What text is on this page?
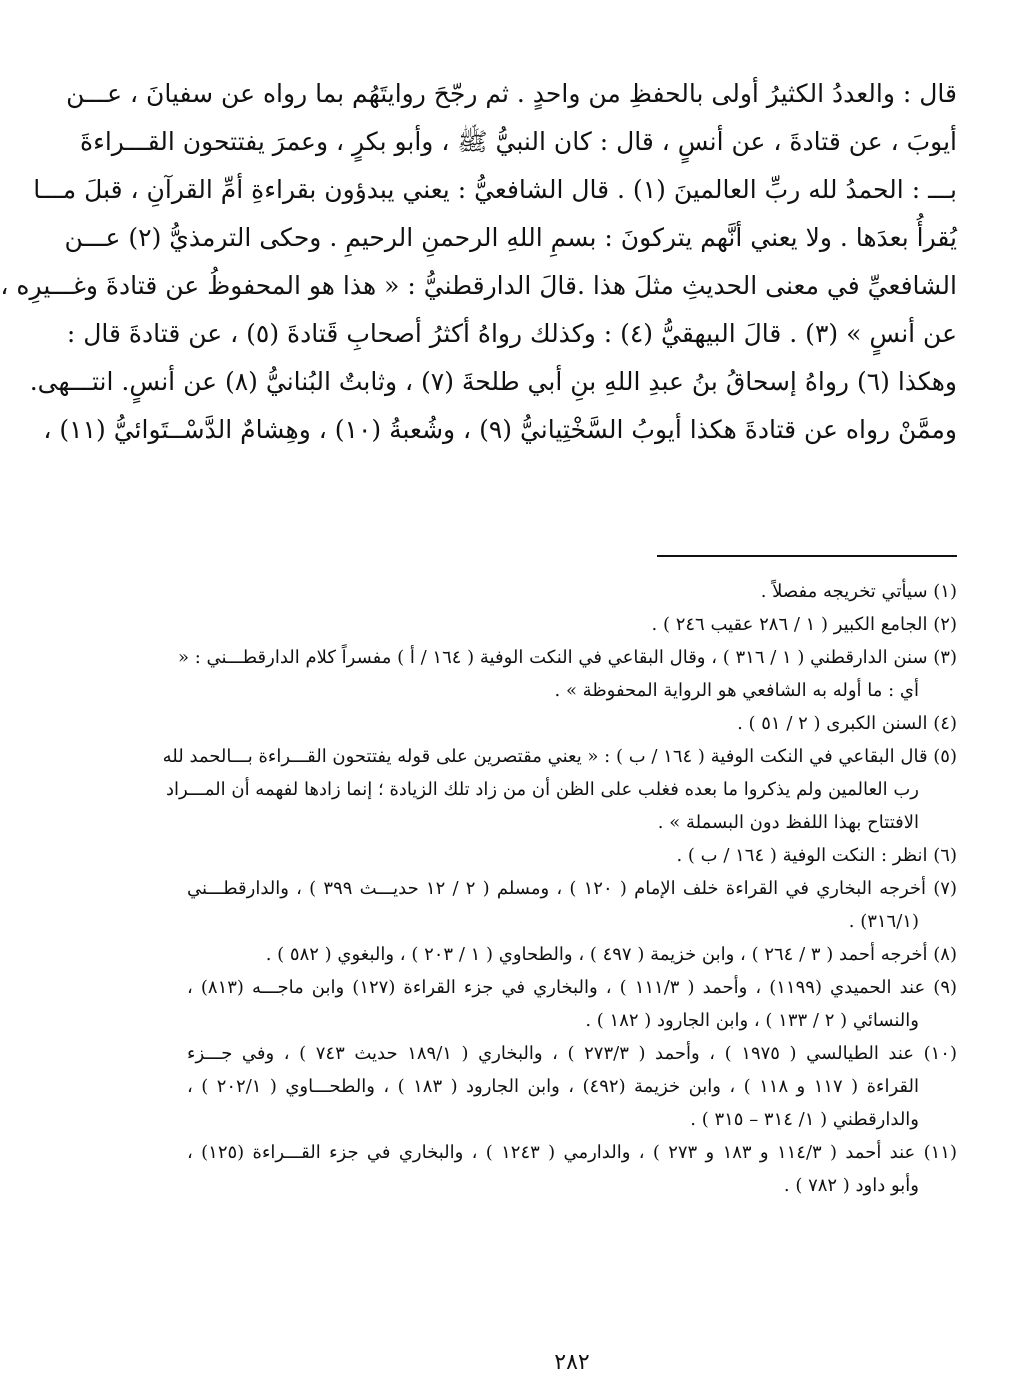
قال : والعددُ الكثيرُ أولى بالحفظِ من واحدٍ . ثم رجّحَ روايتَهُم بما رواه عن سفيانَ ، عـــن
أيوبَ ، عن قتادةَ ، عن أنسٍ ، قال : كان النبيُّ ﷺ ، وأبو بكرٍ ، وعمرَ يفتتحون القـــراءةَ
بـــ : الحمدُ لله ربِّ العالمينَ (١) . قال الشافعيُّ : يعني يبدؤون بقراءةِ أمِّ القرآنِ ، قبلَ مـــا
يُقرأُ بعدَها . ولا يعني أنَّهم يتركونَ : بسمِ اللهِ الرحمنِ الرحيمِ . وحكى الترمذيُّ (٢) عـــن
الشافعيِّ في معنى الحديثِ مثلَ هذا .قالَ الدارقطنيُّ : « هذا هو المحفوظُ عن قتادةَ وغـــيرِه ،
عن أنسٍ » (٣) . قالَ البيهقيُّ (٤) : وكذلك رواهُ أكثرُ أصحابِ قَتادةَ (٥) ، عن قتادةَ قال :
وهكذا (٦) رواهُ إسحاقُ بنُ عبدِ اللهِ بنِ أبي طلحةَ (٧) ، وثابتٌ البُنانيُّ (٨) عن أنسٍ. انتـــهى.
وممَّنْ رواه عن قتادةَ هكذا أيوبُ السَّخْتِيانيُّ (٩) ، وشُعبةُ (١٠) ، وهِشامٌ الدَّسْــتَوائيُّ (١١) ،

(١) سيأتي تخريجه مفصلاً .

(٢) الجامع الكبير ( ١ / ٢٨٦ عقيب ٢٤٦ ) .

(٣) سنن الدارقطني ( ١ / ٣١٦ ) ، وقال البقاعي في النكت الوفية ( ١٦٤ / أ ) مفسراً كلام الدارقطـــني : «
أي : ما أوله به الشافعي هو الرواية المحفوظة » .

(٤) السنن الكبرى ( ٢ / ٥١ ) .

(٥) قال البقاعي في النكت الوفية ( ١٦٤ / ب ) : « يعني مقتصرين على قوله يفتتحون القـــراءة بـــالحمد لله
رب العالمين ولم يذكروا ما بعده فغلب على الظن أن من زاد تلك الزيادة ؛ إنما زادها لفهمه أن المـــراد
الافتتاح بهذا اللفظ دون البسملة » .

(٦) انظر : النكت الوفية ( ١٦٤ / ب ) .

(٧) أخرجه البخاري في القراءة خلف الإمام ( ١٢٠ ) ، ومسلم ( ٢ / ١٢ حديـــث ٣٩٩ ) ، والدارقطـــني
(٣١٦/١) .

(٨) أخرجه أحمد ( ٣ / ٢٦٤ ) ، وابن خزيمة ( ٤٩٧ ) ، والطحاوي ( ١ / ٢٠٣ ) ، والبغوي ( ٥٨٢ ) .

(٩) عند الحميدي (١١٩٩) ، وأحمد ( ١١١/٣ ) ، والبخاري في جزء القراءة (١٢٧) وابن ماجـــه (٨١٣) ،
والنسائي ( ٢ / ١٣٣ ) ، وابن الجارود ( ١٨٢ ) .

(١٠) عند الطيالسي ( ١٩٧٥ ) ، وأحمد ( ٢٧٣/٣ ) ، والبخاري ( ١٨٩/١ حديث ٧٤٣ ) ، وفي جـــزء
القراءة ( ١١٧ و ١١٨ ) ، وابن خزيمة (٤٩٢) ، وابن الجارود ( ١٨٣ ) ، والطحـــاوي ( ٢٠٢/١ ) ،
والدارقطني ( ١/ ٣١٤ – ٣١٥ ) .

(١١) عند أحمد ( ١١٤/٣ و ١٨٣ و ٢٧٣ ) ، والدارمي ( ١٢٤٣ ) ، والبخاري في جزء القـــراءة (١٢٥) ،
وأبو داود ( ٧٨٢ ) .

٢٨٢
